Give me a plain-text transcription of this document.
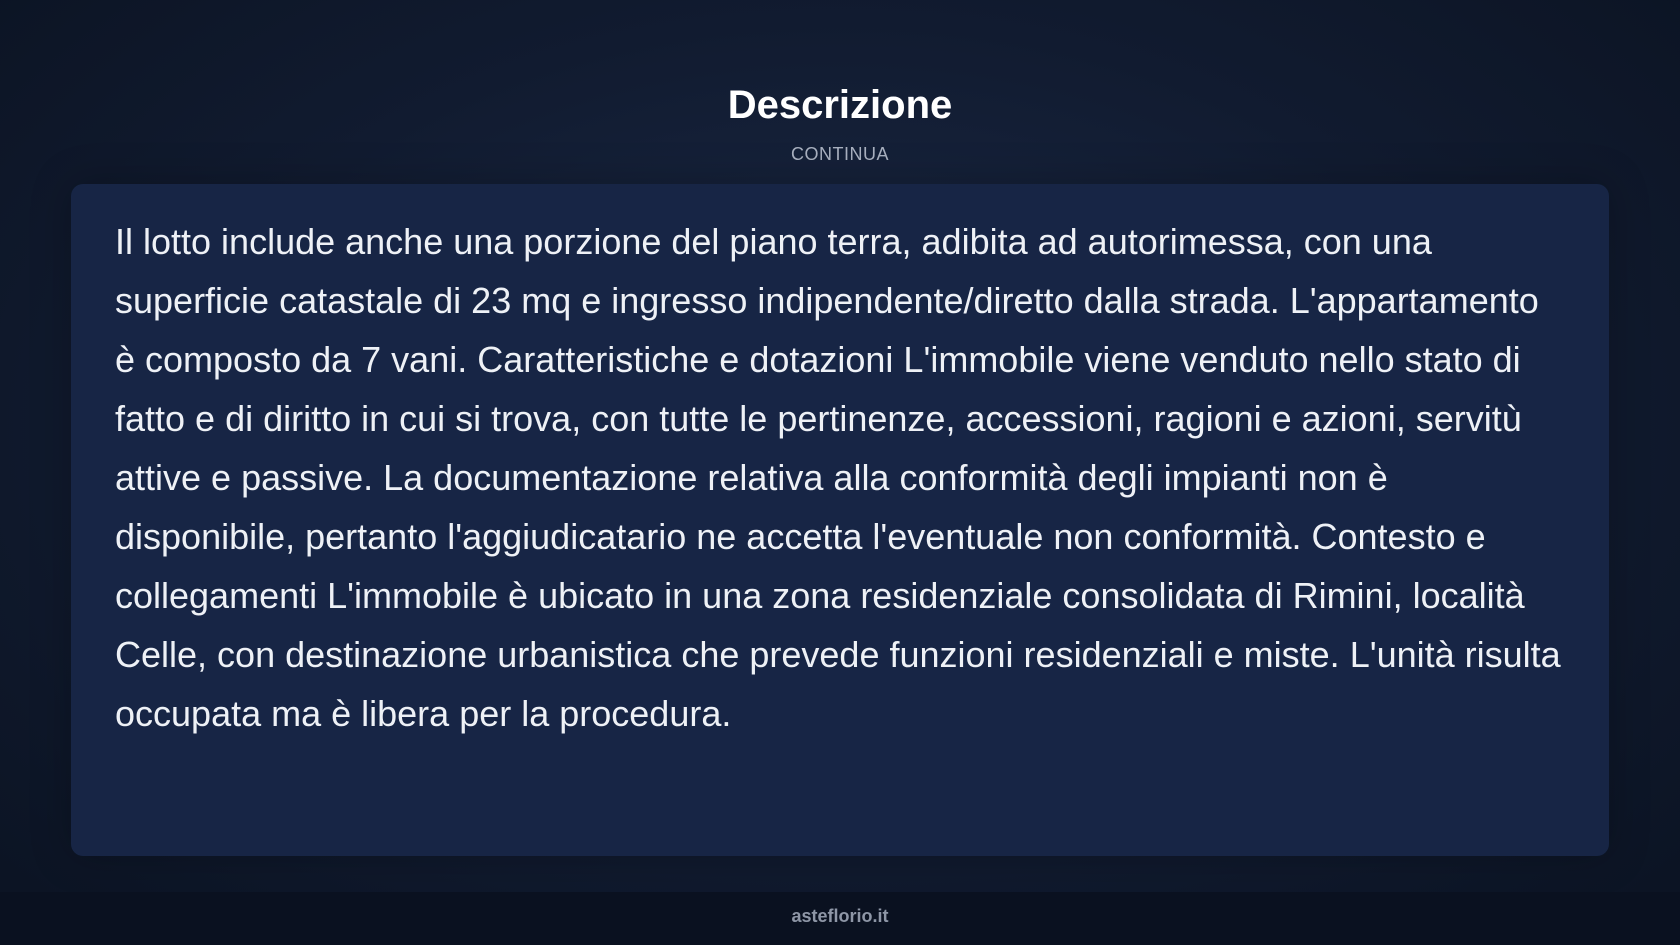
Descrizione
CONTINUA

Il lotto include anche una porzione del piano terra, adibita ad autorimessa, con una superficie catastale di 23 mq e ingresso indipendente/diretto dalla strada. L'appartamento è composto da 7 vani. Caratteristiche e dotazioni L'immobile viene venduto nello stato di fatto e di diritto in cui si trova, con tutte le pertinenze, accessioni, ragioni e azioni, servitù attive e passive. La documentazione relativa alla conformità degli impianti non è disponibile, pertanto l'aggiudicatario ne accetta l'eventuale non conformità. Contesto e collegamenti L'immobile è ubicato in una zona residenziale consolidata di Rimini, località Celle, con destinazione urbanistica che prevede funzioni residenziali e miste. L'unità risulta occupata ma è libera per la procedura.

asteflorio.it
